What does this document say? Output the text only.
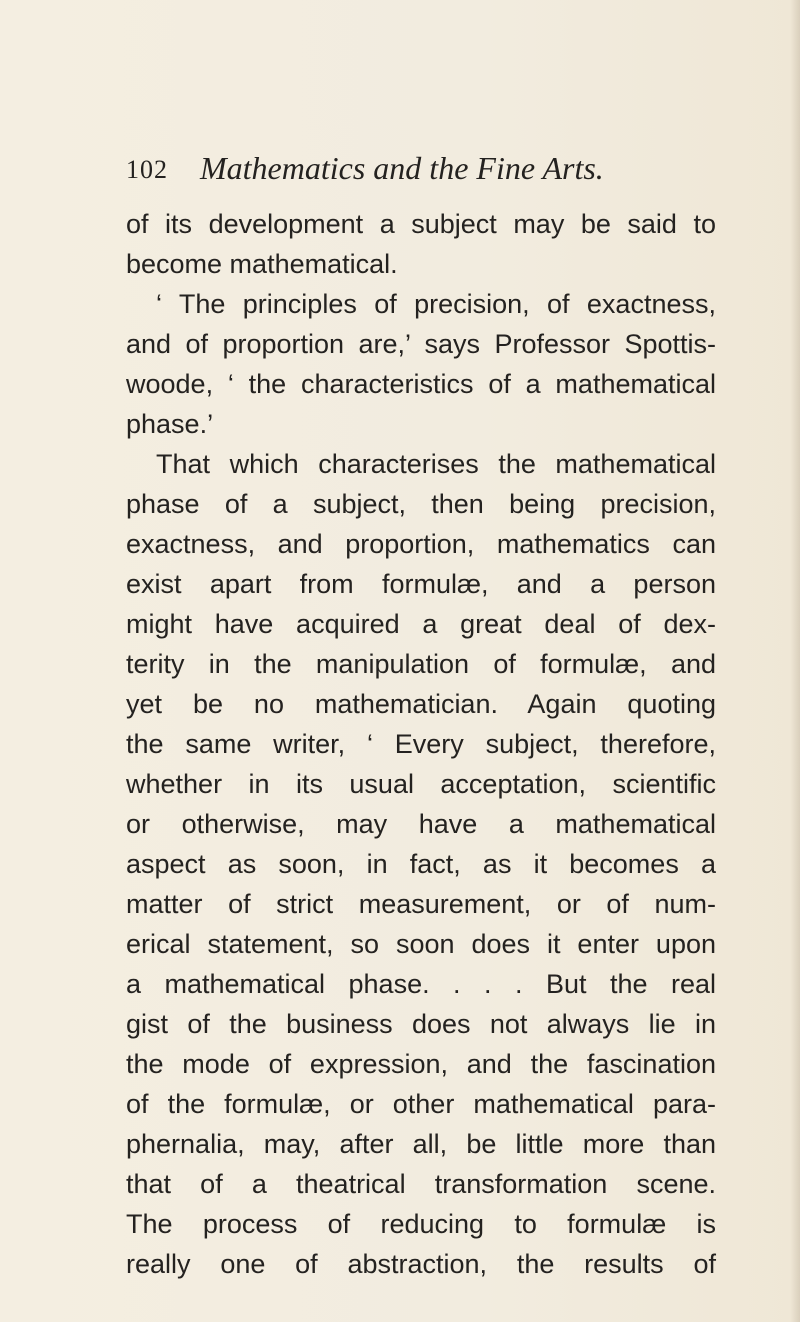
102 Mathematics and the Fine Arts.
of its development a subject may be said to
become mathematical.
‘ The principles of precision, of exactness,
and of proportion are,’ says Professor Spottis-
woode, ‘ the characteristics of a mathematical
phase.’
That which characterises the mathematical
phase of a subject, then being precision,
exactness, and proportion, mathematics can
exist apart from formulæ, and a person
might have acquired a great deal of dex-
terity in the manipulation of formulæ, and
yet be no mathematician. Again quoting
the same writer, ‘ Every subject, therefore,
whether in its usual acceptation, scientific
or otherwise, may have a mathematical
aspect as soon, in fact, as it becomes a
matter of strict measurement, or of num-
erical statement, so soon does it enter upon
a mathematical phase. . . . But the real
gist of the business does not always lie in
the mode of expression, and the fascination
of the formulæ, or other mathematical para-
phernalia, may, after all, be little more than
that of a theatrical transformation scene.
The process of reducing to formulæ is
really one of abstraction, the results of
